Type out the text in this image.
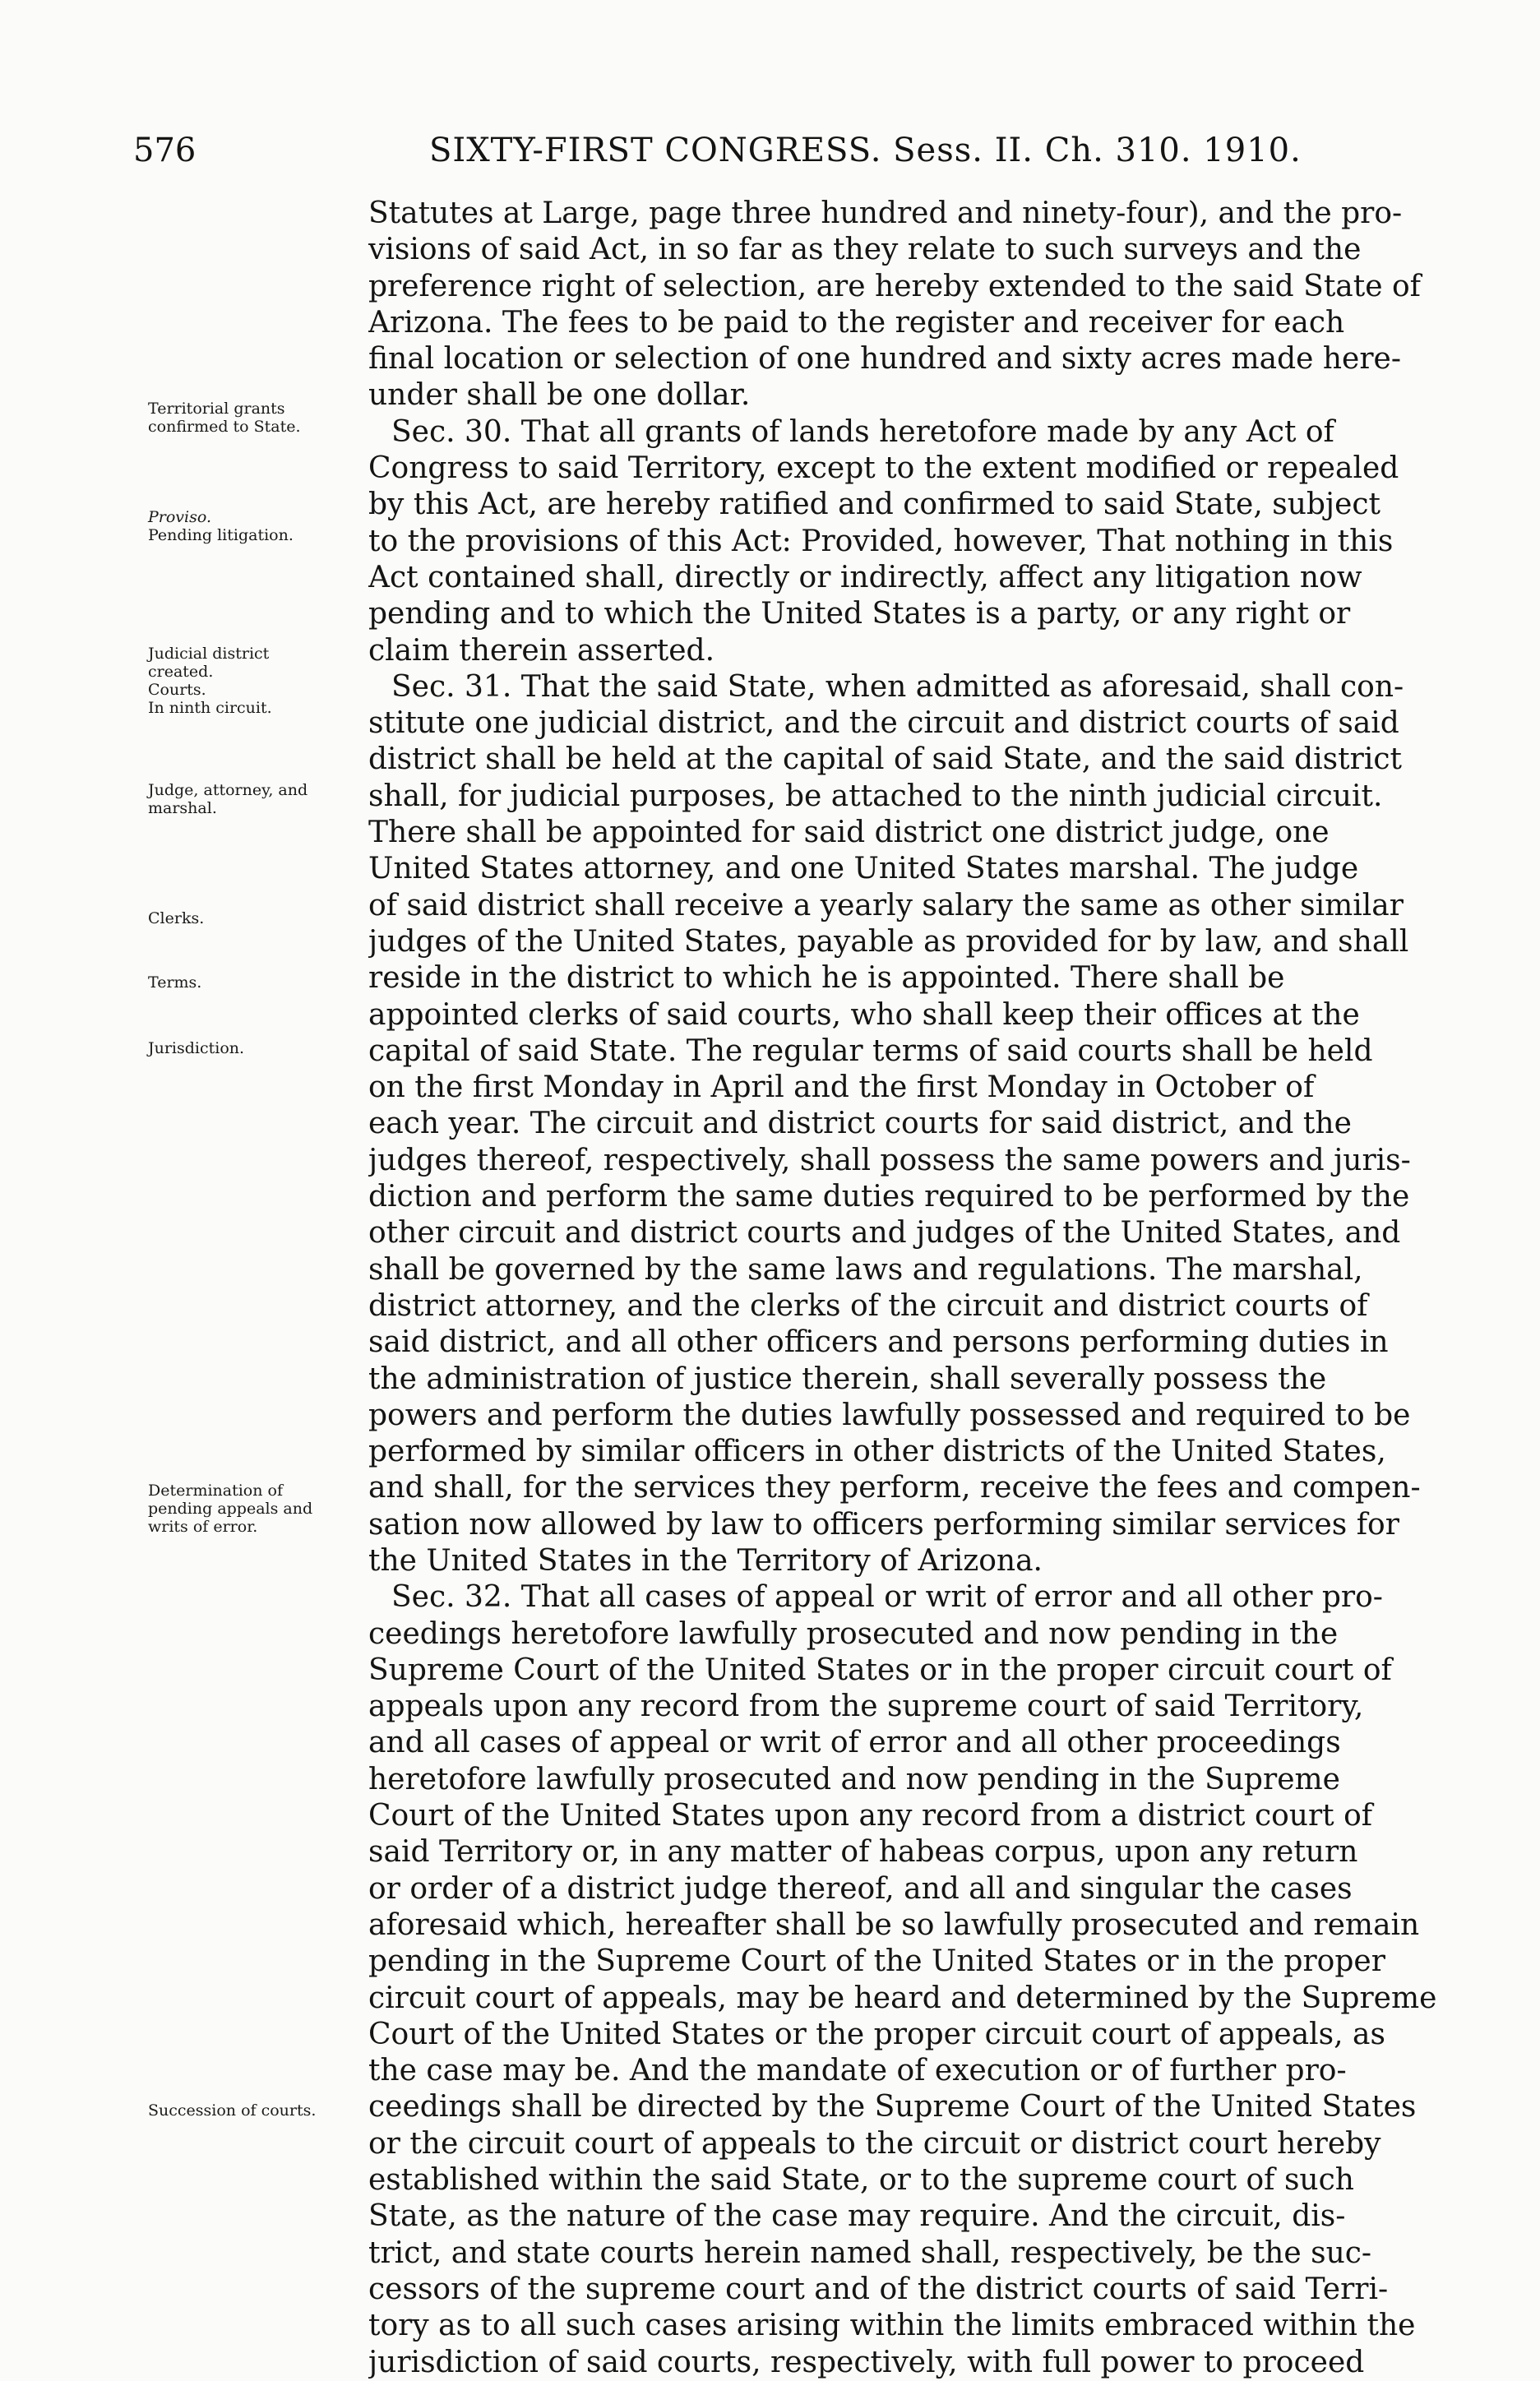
576	SIXTY-FIRST CONGRESS. Sess. II. Ch. 310. 1910.
Territorial grants
confirmed to State.
Proviso.
Pending litigation.
Judicial district
created.
Courts.
In ninth circuit.
Judge, attorney, and
marshal.
Clerks.
Terms.
Jurisdiction.
Determination of
pending appeals and
writs of error.
Succession of courts.
Statutes at Large, page three hundred and ninety-four), and the pro-
visions of said Act, in so far as they relate to such surveys and the
preference right of selection, are hereby extended to the said State of
Arizona. The fees to be paid to the register and receiver for each
final location or selection of one hundred and sixty acres made here-
under shall be one dollar.
Sec. 30. That all grants of lands heretofore made by any Act of
Congress to said Territory, except to the extent modified or repealed
by this Act, are hereby ratified and confirmed to said State, subject
to the provisions of this Act: Provided, however, That nothing in this
Act contained shall, directly or indirectly, affect any litigation now
pending and to which the United States is a party, or any right or
claim therein asserted.
Sec. 31. That the said State, when admitted as aforesaid, shall con-
stitute one judicial district, and the circuit and district courts of said
district shall be held at the capital of said State, and the said district
shall, for judicial purposes, be attached to the ninth judicial circuit.
There shall be appointed for said district one district judge, one
United States attorney, and one United States marshal. The judge
of said district shall receive a yearly salary the same as other similar
judges of the United States, payable as provided for by law, and shall
reside in the district to which he is appointed. There shall be
appointed clerks of said courts, who shall keep their offices at the
capital of said State. The regular terms of said courts shall be held
on the first Monday in April and the first Monday in October of
each year. The circuit and district courts for said district, and the
judges thereof, respectively, shall possess the same powers and juris-
diction and perform the same duties required to be performed by the
other circuit and district courts and judges of the United States, and
shall be governed by the same laws and regulations. The marshal,
district attorney, and the clerks of the circuit and district courts of
said district, and all other officers and persons performing duties in
the administration of justice therein, shall severally possess the
powers and perform the duties lawfully possessed and required to be
performed by similar officers in other districts of the United States,
and shall, for the services they perform, receive the fees and compen-
sation now allowed by law to officers performing similar services for
the United States in the Territory of Arizona.
Sec. 32. That all cases of appeal or writ of error and all other pro-
ceedings heretofore lawfully prosecuted and now pending in the
Supreme Court of the United States or in the proper circuit court of
appeals upon any record from the supreme court of said Territory,
and all cases of appeal or writ of error and all other proceedings
heretofore lawfully prosecuted and now pending in the Supreme
Court of the United States upon any record from a district court of
said Territory or, in any matter of habeas corpus, upon any return
or order of a district judge thereof, and all and singular the cases
aforesaid which, hereafter shall be so lawfully prosecuted and remain
pending in the Supreme Court of the United States or in the proper
circuit court of appeals, may be heard and determined by the Supreme
Court of the United States or the proper circuit court of appeals, as
the case may be. And the mandate of execution or of further pro-
ceedings shall be directed by the Supreme Court of the United States
or the circuit court of appeals to the circuit or district court hereby
established within the said State, or to the supreme court of such
State, as the nature of the case may require. And the circuit, dis-
trict, and state courts herein named shall, respectively, be the suc-
cessors of the supreme court and of the district courts of said Terri-
tory as to all such cases arising within the limits embraced within the
jurisdiction of said courts, respectively, with full power to proceed
